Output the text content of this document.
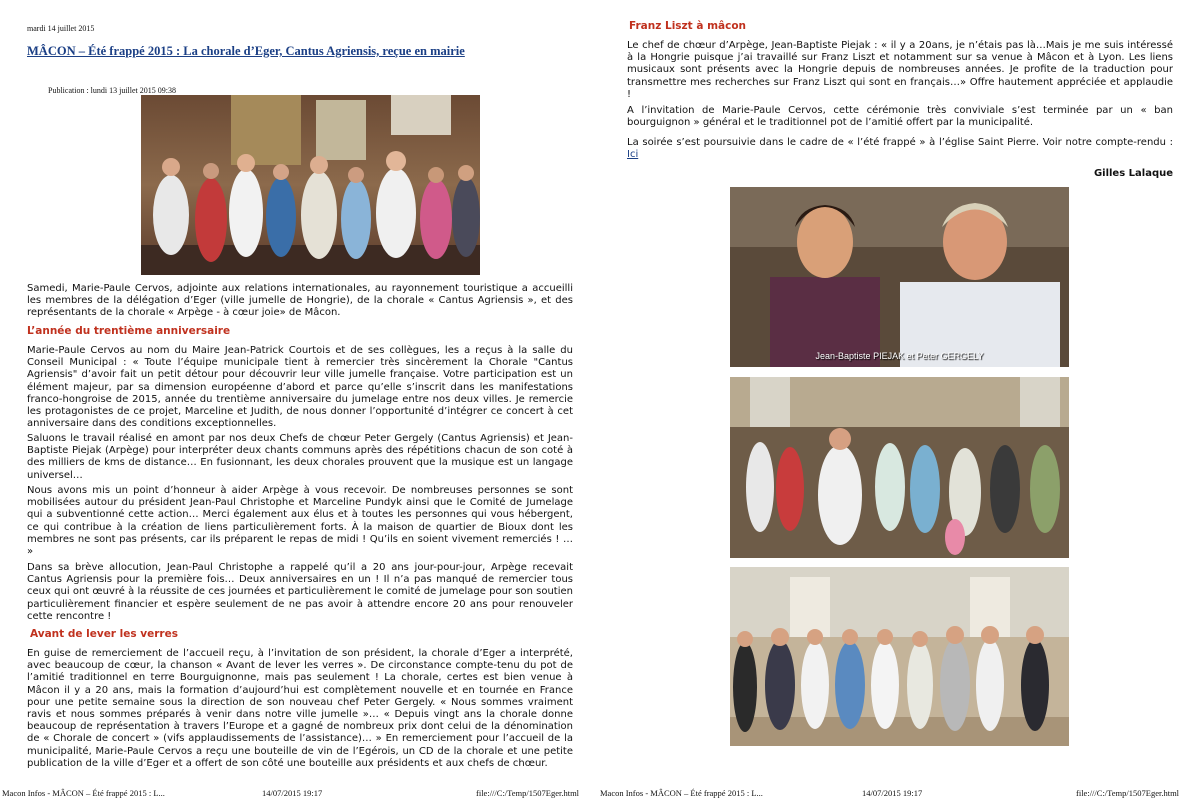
mardi 14 juillet 2015
MÂCON – Été frappé 2015 : La chorale d’Eger, Cantus Agriensis, reçue en mairie
Publication : lundi 13 juillet 2015 09:38

Samedi, Marie-Paule Cervos, adjointe aux relations internationales, au rayonnement touristique a accueilli les membres de la délégation d’Eger (ville jumelle de Hongrie), de la chorale « Cantus Agriensis », et des représentants de la chorale « Arpège - à cœur joie» de Mâcon.

L’année du trentième anniversaire

Marie-Paule Cervos au nom du Maire Jean-Patrick Courtois et de ses collègues, les a reçus à la salle du Conseil Municipal : « Toute l’équipe municipale tient à remercier très sincèrement la Chorale "Cantus Agriensis" d’avoir fait un petit détour pour découvrir leur ville jumelle française. Votre participation est un élément majeur, par sa dimension européenne d’abord et parce qu’elle s’inscrit dans les manifestations franco-hongroise de 2015, année du trentième anniversaire du jumelage entre nos deux villes. Je remercie les protagonistes de ce projet, Marceline et Judith, de nous donner l’opportunité d’intégrer ce concert à cet anniversaire dans des conditions exceptionnelles.

Saluons le travail réalisé en amont par nos deux Chefs de chœur Peter Gergely (Cantus Agriensis) et Jean-Baptiste Piejak (Arpège) pour interpréter deux chants communs après des répétitions chacun de son coté à des milliers de kms de distance… En fusionnant, les deux chorales prouvent que la musique est un langage universel…

Nous avons mis un point d’honneur à aider Arpège à vous recevoir. De nombreuses personnes se sont mobilisées autour du président Jean-Paul Christophe et Marceline Pundyk ainsi que le Comité de Jumelage qui a subventionné cette action… Merci également aux élus et à toutes les personnes qui vous hébergent, ce qui contribue à la création de liens particulièrement forts. À la maison de quartier de Bioux dont les membres ne sont pas présents, car ils préparent le repas de midi ! Qu’ils en soient vivement remerciés ! … »

Dans sa brève allocution, Jean-Paul Christophe a rappelé qu’il a 20 ans jour-pour-jour, Arpège recevait Cantus Agriensis pour la première fois… Deux anniversaires en un ! Il n’a pas manqué de remercier tous ceux qui ont œuvré à la réussite de ces journées et particulièrement le comité de jumelage pour son soutien particulièrement financier et espère seulement de ne pas avoir à attendre encore 20 ans pour renouveler cette rencontre !

Avant de lever les verres

En guise de remerciement de l’accueil reçu, à l’invitation de son président, la chorale d’Eger a interprété, avec beaucoup de cœur, la chanson « Avant de lever les verres ». De circonstance compte-tenu du pot de l’amitié traditionnel en terre Bourguignonne, mais pas seulement ! La chorale, certes est bien venue à Mâcon il y a 20 ans, mais la formation d’aujourd’hui est complètement nouvelle et en tournée en France pour une petite semaine sous la direction de son nouveau chef Peter Gergely. « Nous sommes vraiment ravis et nous sommes préparés à venir dans notre ville jumelle »… « Depuis vingt ans la chorale donne beaucoup de représentation à travers l’Europe et a gagné de nombreux prix dont celui de la dénomination de « Chorale de concert » (vifs applaudissements de l’assistance)… » En remerciement pour l’accueil de la municipalité, Marie-Paule Cervos a reçu une bouteille de vin de l’Egérois, un CD de la chorale et une petite publication de la ville d’Eger et a offert de son côté une bouteille aux présidents et aux chefs de chœur.

Macon Infos - MÂCON – Été frappé 2015 : L...	14/07/2015 19:17	file:///C:/Temp/1507Eger.html
Franz Liszt à mâcon

Le chef de chœur d’Arpège, Jean-Baptiste Piejak : « il y a 20ans, je n’étais pas là…Mais je me suis intéressé à la Hongrie puisque j’ai travaillé sur Franz Liszt et notamment sur sa venue à Mâcon et à Lyon. Les liens musicaux sont présents avec la Hongrie depuis de nombreuses années. Je profite de la traduction pour transmettre mes recherches sur Franz Liszt qui sont en français…» Offre hautement appréciée et applaudie !

A l’invitation de Marie-Paule Cervos, cette cérémonie très conviviale s’est terminée par un « ban bourguignon » général et le traditionnel pot de l’amitié offert par la municipalité.

La soirée s’est poursuivie dans le cadre de « l’été frappé » à l’église Saint Pierre. Voir notre compte-rendu : Ici

Gilles Lalaque
Jean-Baptiste PIEJAK et Peter GERGELY
Macon Infos - MÂCON – Été frappé 2015 : L...	14/07/2015 19:17	file:///C:/Temp/1507Eger.html
